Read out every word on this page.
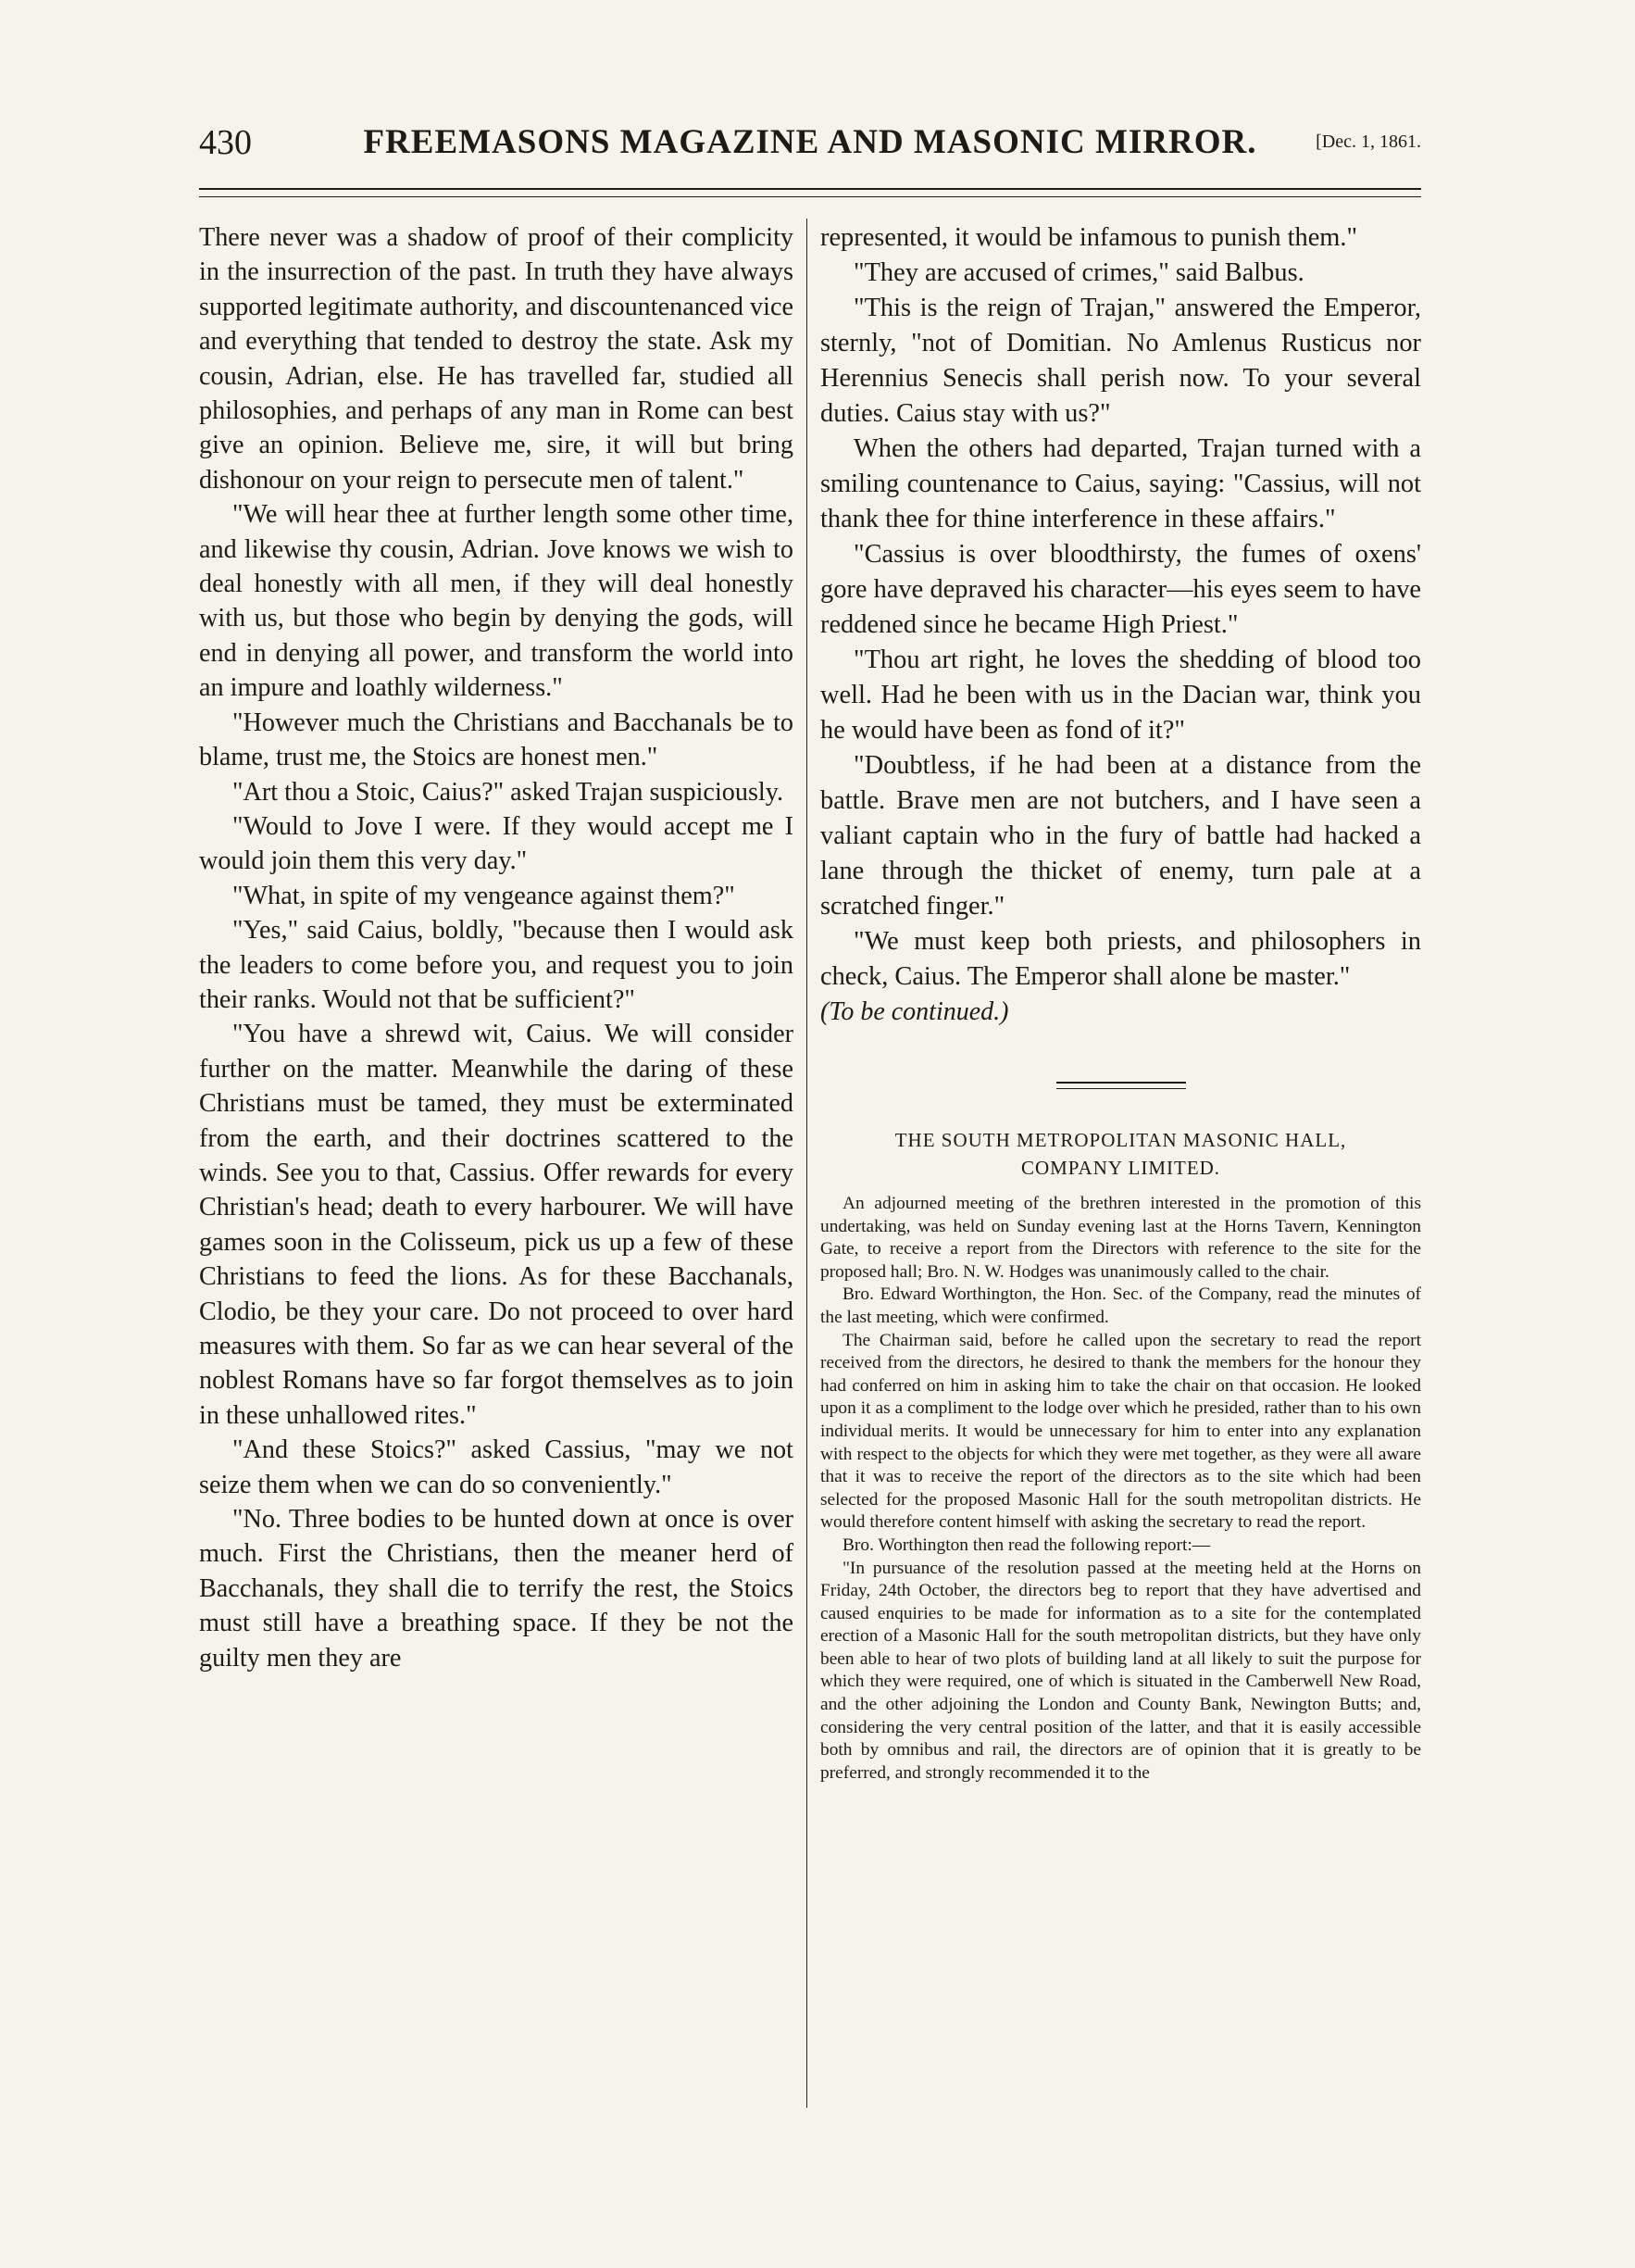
430	FREEMASONS MAGAZINE AND MASONIC MIRROR.	[Dec. 1, 1861.

There never was a shadow of proof of their complicity in the insurrection of the past. In truth they have always supported legitimate authority, and discountenanced vice and everything that tended to destroy the state. Ask my cousin, Adrian, else. He has travelled far, studied all philosophies, and perhaps of any man in Rome can best give an opinion. Believe me, sire, it will but bring dishonour on your reign to persecute men of talent."

"We will hear thee at further length some other time, and likewise thy cousin, Adrian. Jove knows we wish to deal honestly with all men, if they will deal honestly with us, but those who begin by denying the gods, will end in denying all power, and transform the world into an impure and loathly wilderness."

"However much the Christians and Bacchanals be to blame, trust me, the Stoics are honest men."

"Art thou a Stoic, Caius?" asked Trajan suspiciously.

"Would to Jove I were. If they would accept me I would join them this very day."

"What, in spite of my vengeance against them?"

"Yes," said Caius, boldly, "because then I would ask the leaders to come before you, and request you to join their ranks. Would not that be sufficient?"

"You have a shrewd wit, Caius. We will consider further on the matter. Meanwhile the daring of these Christians must be tamed, they must be exterminated from the earth, and their doctrines scattered to the winds. See you to that, Cassius. Offer rewards for every Christian's head; death to every harbourer. We will have games soon in the Colisseum, pick us up a few of these Christians to feed the lions. As for these Bacchanals, Clodio, be they your care. Do not proceed to over hard measures with them. So far as we can hear several of the noblest Romans have so far forgot themselves as to join in these unhallowed rites."

"And these Stoics?" asked Cassius, "may we not seize them when we can do so conveniently."

"No. Three bodies to be hunted down at once is over much. First the Christians, then the meaner herd of Bacchanals, they shall die to terrify the rest, the Stoics must still have a breathing space. If they be not the guilty men they are

represented, it would be infamous to punish them."

"They are accused of crimes," said Balbus.

"This is the reign of Trajan," answered the Emperor, sternly, "not of Domitian. No Amlenus Rusticus nor Herennius Senecis shall perish now. To your several duties. Caius stay with us?"

When the others had departed, Trajan turned with a smiling countenance to Caius, saying: "Cassius, will not thank thee for thine interference in these affairs."

"Cassius is over bloodthirsty, the fumes of oxens' gore have depraved his character—his eyes seem to have reddened since he became High Priest."

"Thou art right, he loves the shedding of blood too well. Had he been with us in the Dacian war, think you he would have been as fond of it?"

"Doubtless, if he had been at a distance from the battle. Brave men are not butchers, and I have seen a valiant captain who in the fury of battle had hacked a lane through the thicket of enemy, turn pale at a scratched finger."

"We must keep both priests, and philosophers in check, Caius. The Emperor shall alone be master."

(To be continued.)

THE SOUTH METROPOLITAN MASONIC HALL,
COMPANY LIMITED.

An adjourned meeting of the brethren interested in the promotion of this undertaking, was held on Sunday evening last at the Horns Tavern, Kennington Gate, to receive a report from the Directors with reference to the site for the proposed hall; Bro. N. W. Hodges was unanimously called to the chair.

Bro. Edward Worthington, the Hon. Sec. of the Company, read the minutes of the last meeting, which were confirmed.

The Chairman said, before he called upon the secretary to read the report received from the directors, he desired to thank the members for the honour they had conferred on him in asking him to take the chair on that occasion. He looked upon it as a compliment to the lodge over which he presided, rather than to his own individual merits. It would be unnecessary for him to enter into any explanation with respect to the objects for which they were met together, as they were all aware that it was to receive the report of the directors as to the site which had been selected for the proposed Masonic Hall for the south metropolitan districts. He would therefore content himself with asking the secretary to read the report.

Bro. Worthington then read the following report:—

"In pursuance of the resolution passed at the meeting held at the Horns on Friday, 24th October, the directors beg to report that they have advertised and caused enquiries to be made for information as to a site for the contemplated erection of a Masonic Hall for the south metropolitan districts, but they have only been able to hear of two plots of building land at all likely to suit the purpose for which they were required, one of which is situated in the Camberwell New Road, and the other adjoining the London and County Bank, Newington Butts; and, considering the very central position of the latter, and that it is easily accessible both by omnibus and rail, the directors are of opinion that it is greatly to be preferred, and strongly recommended it to the
